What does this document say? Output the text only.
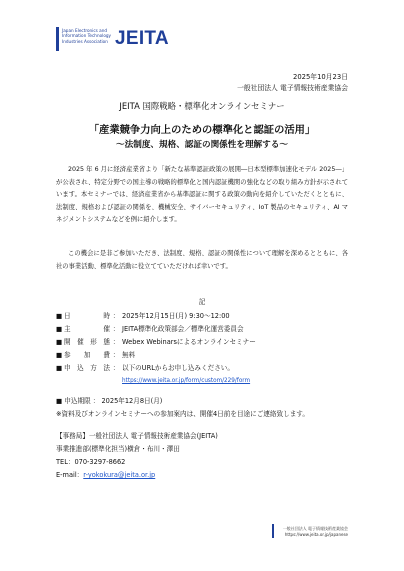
Japan Electronics and
Information Technology
Industries Association JEITA
2025年10月23日
一般社団法人 電子情報技術産業協会
JEITA 国際戦略・標準化オンラインセミナー
「産業競争力向上のための標準化と認証の活用」
～法制度、規格、認証の関係性を理解する～

2025 年 6 月に経済産業省より「新たな基準認証政策の展開―日本型標準加速化モデル 2025―」が公表され、特定分野での国主導の戦略的標準化と国内認証機関の強化などの取り組み方針が示されています。本セミナーでは、経済産業省から基準認証に関する政策の動向を紹介していただくとともに、法制度、規格および認証の関係を、機械安全、サイバーセキュリティ、IoT 製品のセキュリティ、AI マネジメントシステムなどを例に紹介します。

この機会に是非ご参加いただき、法制度、規格、認証の関係性について理解を深めるとともに、各社の事業活動、標準化活動に役立てていただければ幸いです。

記
■ 日　時 ： 2025年12月15日(月) 9:30～12:00
■ 主　催 ： JEITA標準化政策部会／標準化運営委員会
■ 開催形態 ： Webex Webinarsによるオンラインセミナー
■ 参加費 ： 無料
■ 申込方法 ： 以下のURLからお申し込みください。
https://www.jeita.or.jp/form/custom/229/form
■ 申込期限 ： 2025年12月8日(月)
※資料及びオンラインセミナーへの参加案内は、開催4日前を目途にご連絡致します。
【事務局】一般社団法人 電子情報技術産業協会(JEITA)
事業推進部(標準化担当)横倉・布川・澤田
TEL：070-3297-8662
E-mail：r-yokokura@jeita.or.jp
一般社団法人 電子情報技術産業協会
https://www.jeita.or.jp/japanese
